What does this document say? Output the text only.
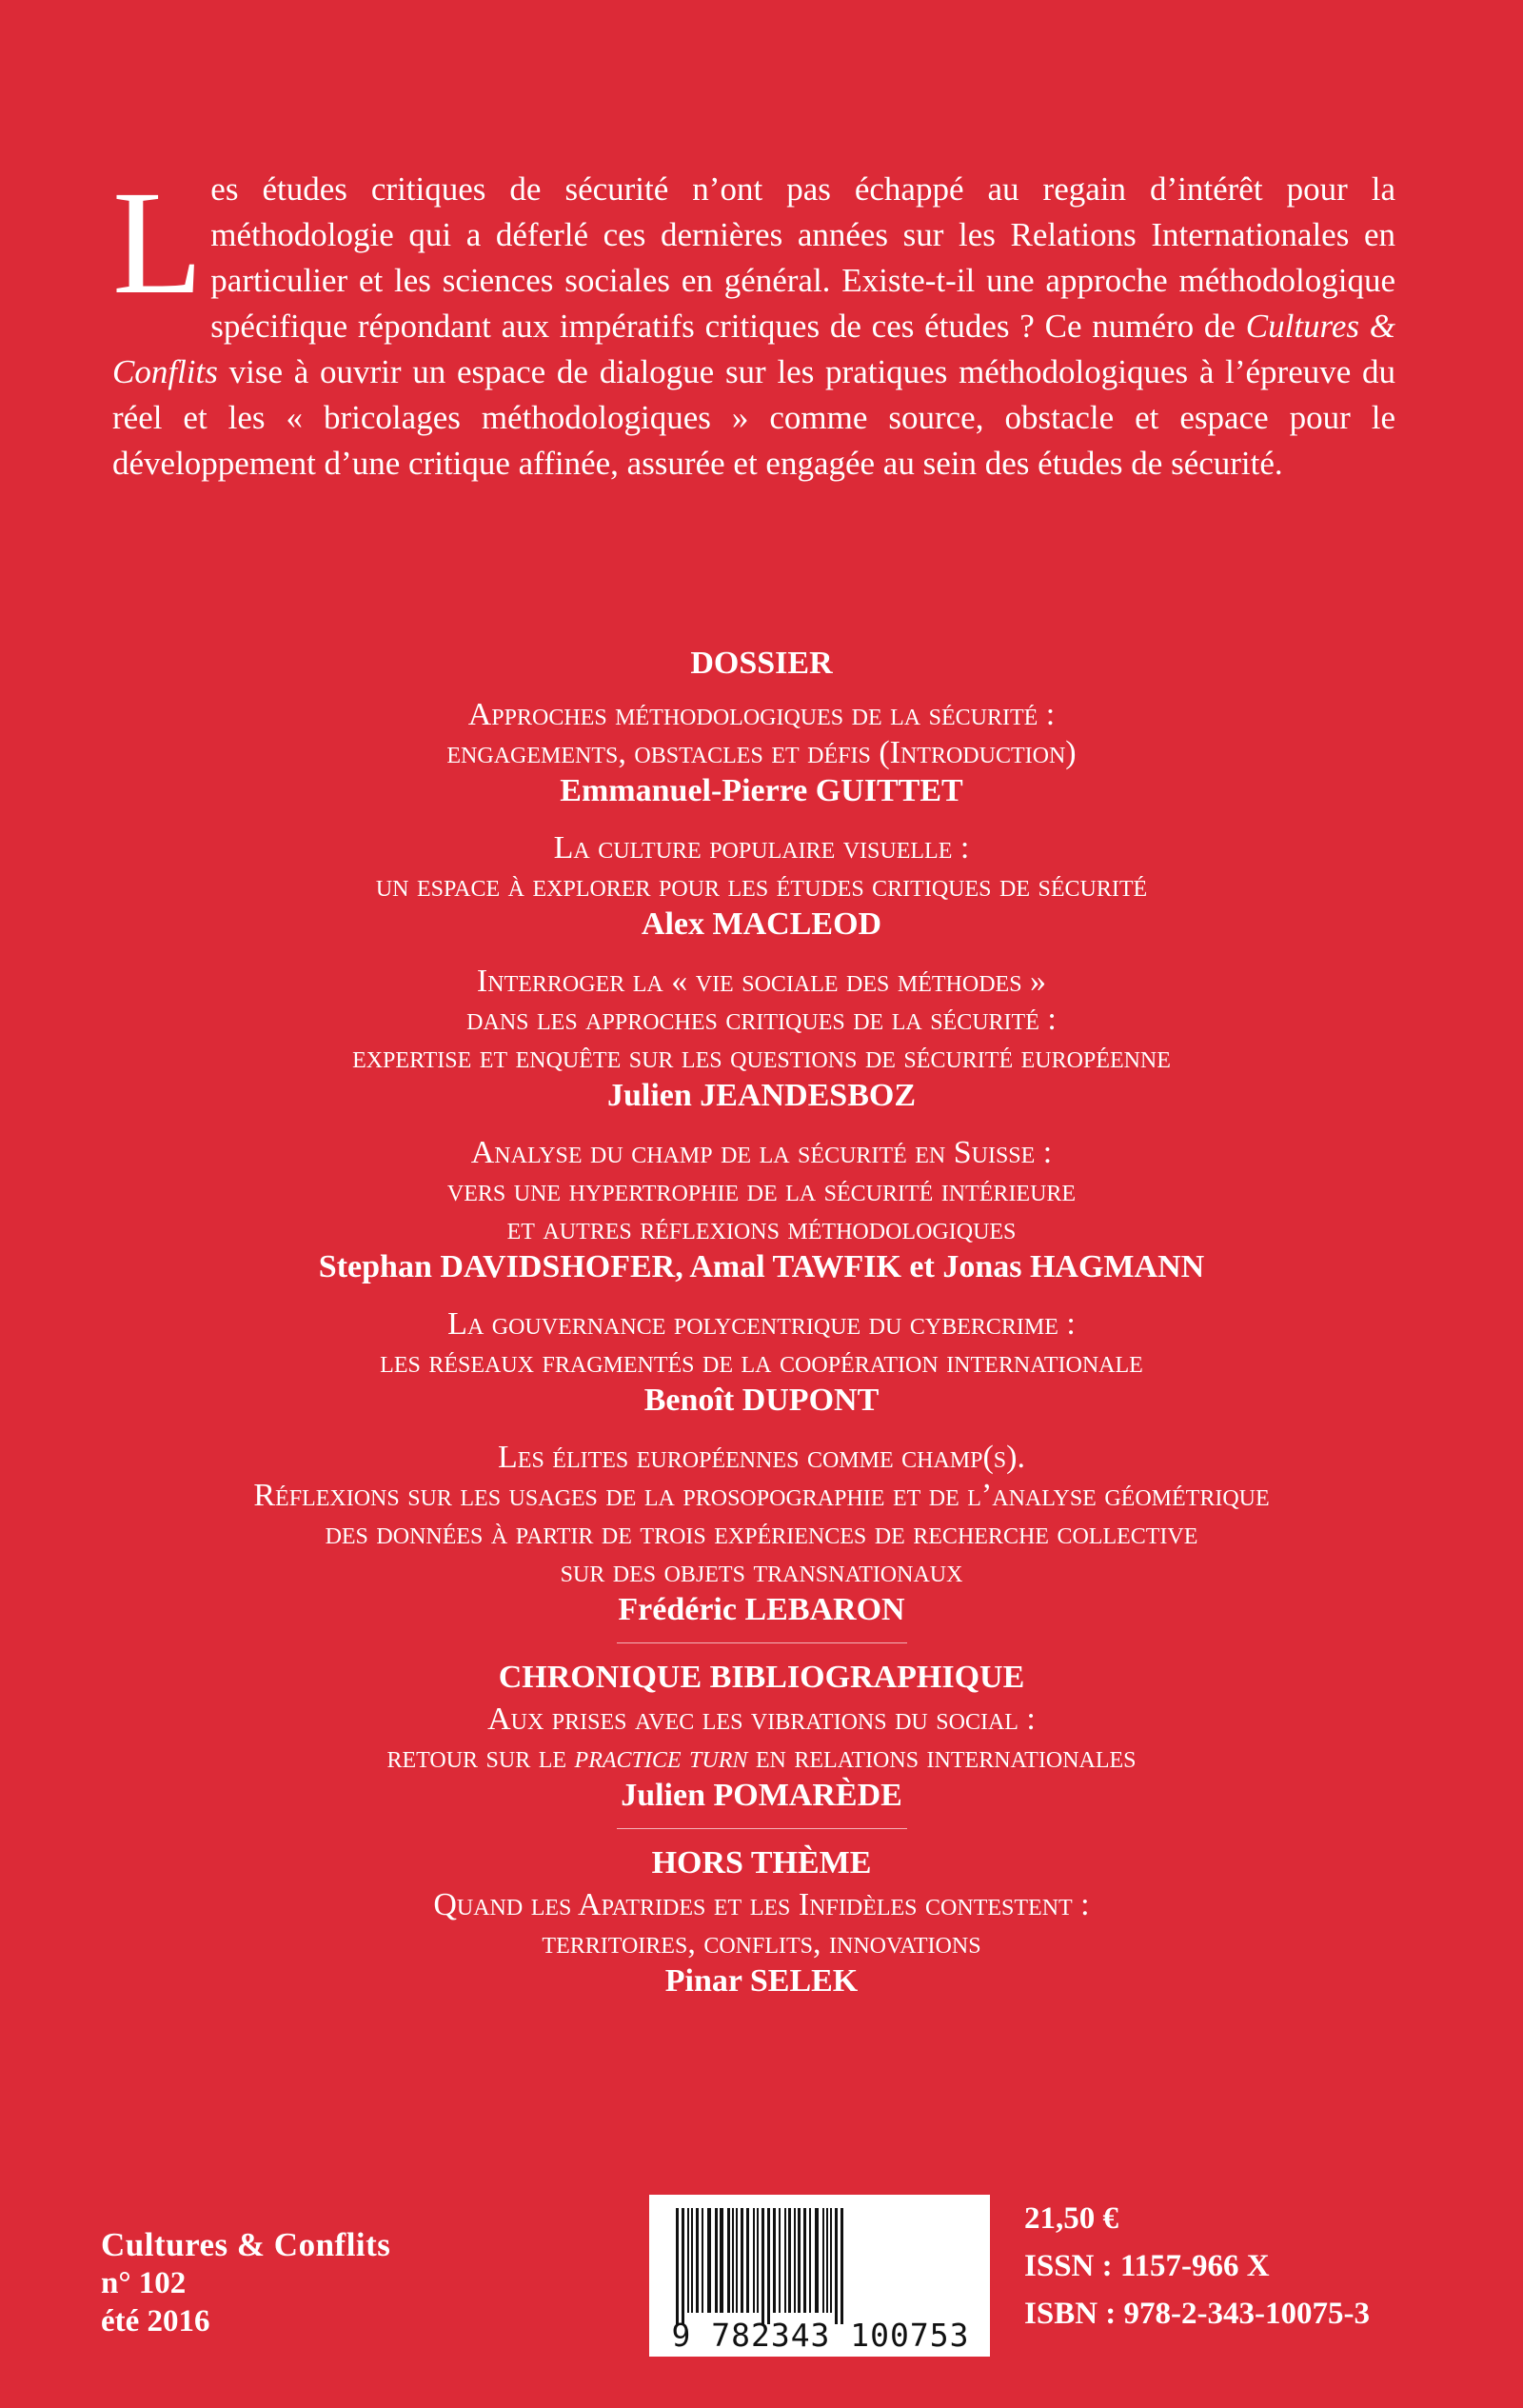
Les études critiques de sécurité n’ont pas échappé au regain d’intérêt pour la méthodologie qui a déferlé ces dernières années sur les Relations Internationales en particulier et les sciences sociales en général. Existe-t-il une approche méthodologique spécifique répondant aux impératifs critiques de ces études ? Ce numéro de Cultures & Conflits vise à ouvrir un espace de dialogue sur les pratiques méthodologiques à l’épreuve du réel et les « bricolages méthodologiques » comme source, obstacle et espace pour le développement d’une critique affinée, assurée et engagée au sein des études de sécurité.

DOSSIER
Approches méthodologiques de la sécurité :
engagements, obstacles et défis (Introduction)
Emmanuel-Pierre GUITTET
La culture populaire visuelle :
un espace à explorer pour les études critiques de sécurité
Alex MACLEOD
Interroger la « vie sociale des méthodes »
dans les approches critiques de la sécurité :
expertise et enquête sur les questions de sécurité européenne
Julien JEANDESBOZ
Analyse du champ de la sécurité en Suisse :
vers une hypertrophie de la sécurité intérieure
et autres réflexions méthodologiques
Stephan DAVIDSHOFER, Amal TAWFIK et Jonas HAGMANN
La gouvernance polycentrique du cybercrime :
les réseaux fragmentés de la coopération internationale
Benoît DUPONT
Les élites européennes comme champ(s).
Réflexions sur les usages de la prosopographie et de l’analyse géométrique
des données à partir de trois expériences de recherche collective
sur des objets transnationaux
Frédéric LEBARON
CHRONIQUE BIBLIOGRAPHIQUE
Aux prises avec les vibrations du social :
retour sur le practice turn en relations internationales
Julien POMARÈDE
HORS THÈME
Quand les Apatrides et les Infidèles contestent :
territoires, conflits, innovations
Pinar SELEK
Cultures & Conflits
n° 102
été 2016	9 782343 100753
21,50 €
ISSN : 1157-966 X
ISBN : 978-2-343-10075-3
